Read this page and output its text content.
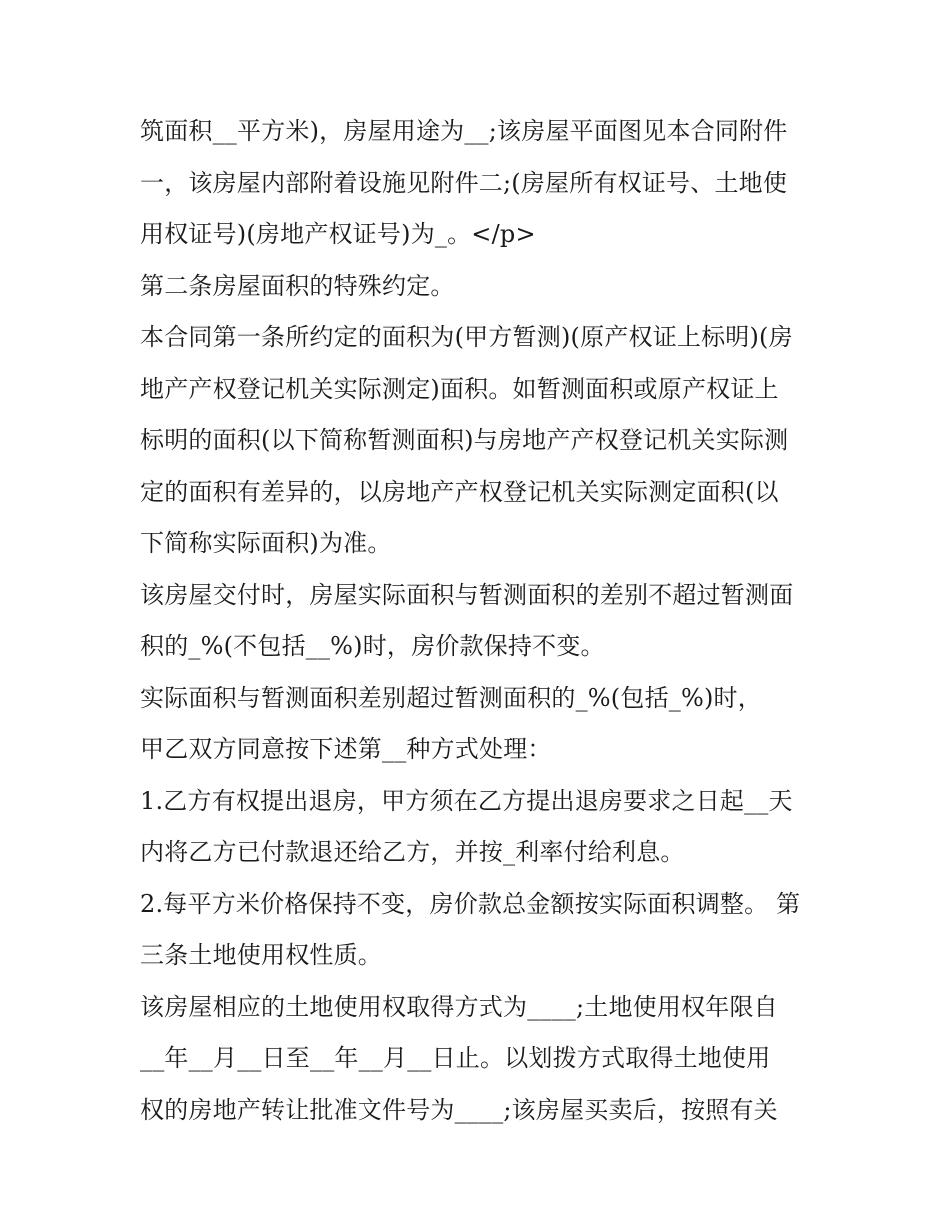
筑面积__平方米)，房屋用途为__;该房屋平面图见本合同附件
一，该房屋内部附着设施见附件二;(房屋所有权证号、土地使
用权证号)(房地产权证号)为_。</p>
第二条房屋面积的特殊约定。
本合同第一条所约定的面积为(甲方暂测)(原产权证上标明)(房
地产产权登记机关实际测定)面积。如暂测面积或原产权证上
标明的面积(以下简称暂测面积)与房地产产权登记机关实际测
定的面积有差异的，以房地产产权登记机关实际测定面积(以
下简称实际面积)为准。
该房屋交付时，房屋实际面积与暂测面积的差别不超过暂测面
积的_%(不包括__%)时，房价款保持不变。
实际面积与暂测面积差别超过暂测面积的_%(包括_%)时，
甲乙双方同意按下述第__种方式处理：
1.乙方有权提出退房，甲方须在乙方提出退房要求之日起__天
内将乙方已付款退还给乙方，并按_利率付给利息。
2.每平方米价格保持不变，房价款总金额按实际面积调整。 第
三条土地使用权性质。
该房屋相应的土地使用权取得方式为____;土地使用权年限自
__年__月__日至__年__月__日止。以划拨方式取得土地使用
权的房地产转让批准文件号为____;该房屋买卖后，按照有关
